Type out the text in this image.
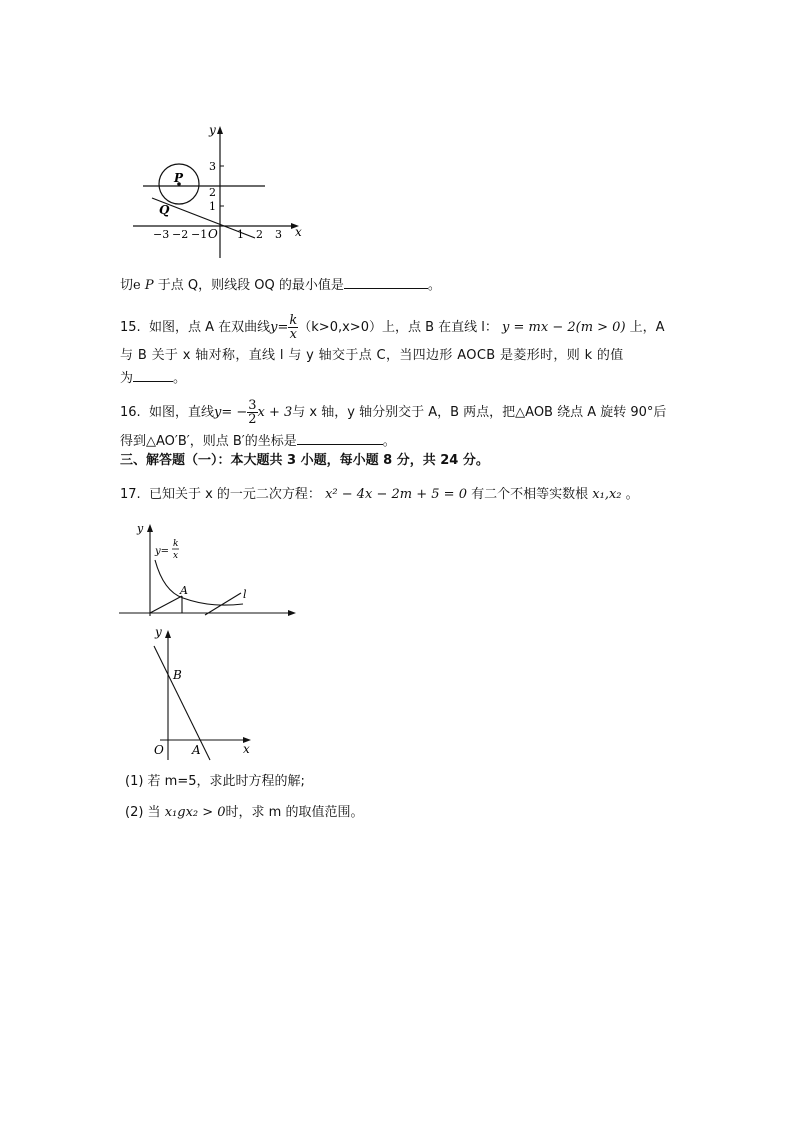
y
x
O
P
Q
−3 −2 −1	1 2 3
3
2
1
切e P 于点 Q，则线段 OQ 的最小值是	。
15. 如图，点 A 在双曲线$y= \frac{k}{x} (k>0,x>0)$上，点 B 在直线 l： y = mx − 2(m > 0) 上，A
与 B 关于 x 轴对称，直线 l 与 y 轴交于点 C，当四边形 AOCB 是菱形时，则 k 的值
为	。
16. 如图，直线$y= - \frac{3}{2}$ x + 3与 x 轴，y 轴分别交于 A，B 两点，把△AOB 绕点 A 旋转 90°后
得到△AO′B′，则点 B′的坐标是	。
三、解答题（一）：本大题共 3 小题，每小题 8 分，共 24 分。
17. 已知关于 x 的一元二次方程： x² − 4x − 2m + 5 = 0 有二个不相等实数根 x₁,x₂ 。
y
y=
k
x
A	l
y
x
O A
B
(1) 若 m=5，求此时方程的解;
(2) 当 x₁gx₂ > 0时，求 m 的取值范围。
